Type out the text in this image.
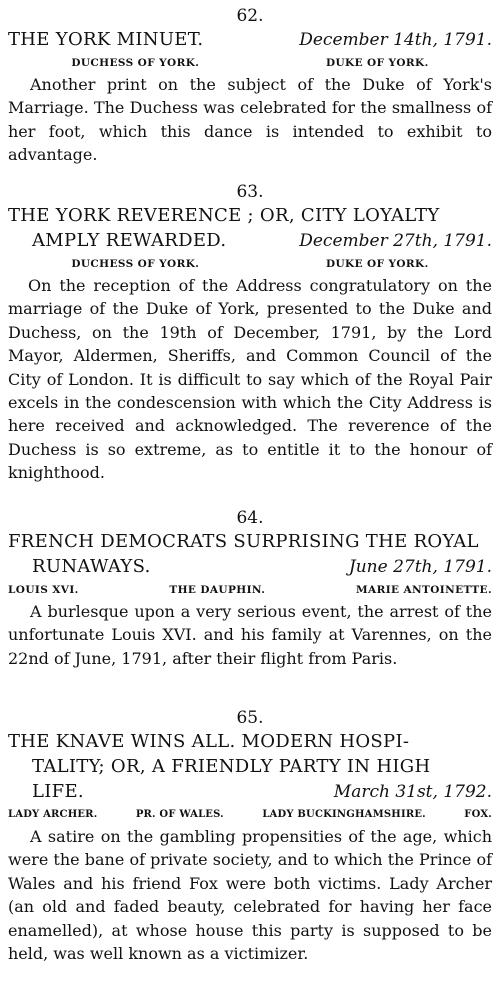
62.
THE YORK MINUET.	December 14th, 1791.
DUCHESS OF YORK.	DUKE OF YORK.

Another print on the subject of the Duke of York's Marriage. The Duchess was celebrated for the smallness of her foot, which this dance is intended to exhibit to advantage.

63.
THE YORK REVERENCE ; OR, CITY LOYALTY
AMPLY REWARDED.	December 27th, 1791.
DUCHESS OF YORK.	DUKE OF YORK.

On the reception of the Address congratulatory on the marriage of the Duke of York, presented to the Duke and Duchess, on the 19th of December, 1791, by the Lord Mayor, Aldermen, Sheriffs, and Common Council of the City of London. It is difficult to say which of the Royal Pair excels in the condescension with which the City Address is here received and acknowledged. The reverence of the Duchess is so extreme, as to entitle it to the honour of knighthood.

64.
FRENCH DEMOCRATS SURPRISING THE ROYAL
RUNAWAYS.	June 27th, 1791.
LOUIS XVI.	THE DAUPHIN.	MARIE ANTOINETTE.

A burlesque upon a very serious event, the arrest of the unfortunate Louis XVI. and his family at Varennes, on the 22nd of June, 1791, after their flight from Paris.

65.
THE KNAVE WINS ALL. MODERN HOSPI-
TALITY; OR, A FRIENDLY PARTY IN HIGH
LIFE.	March 31st, 1792.
LADY ARCHER.	PR. OF WALES.	LADY BUCKINGHAMSHIRE.	FOX.

A satire on the gambling propensities of the age, which were the bane of private society, and to which the Prince of Wales and his friend Fox were both victims. Lady Archer (an old and faded beauty, celebrated for having her face enamelled), at whose house this party is supposed to be held, was well known as a victimizer.
